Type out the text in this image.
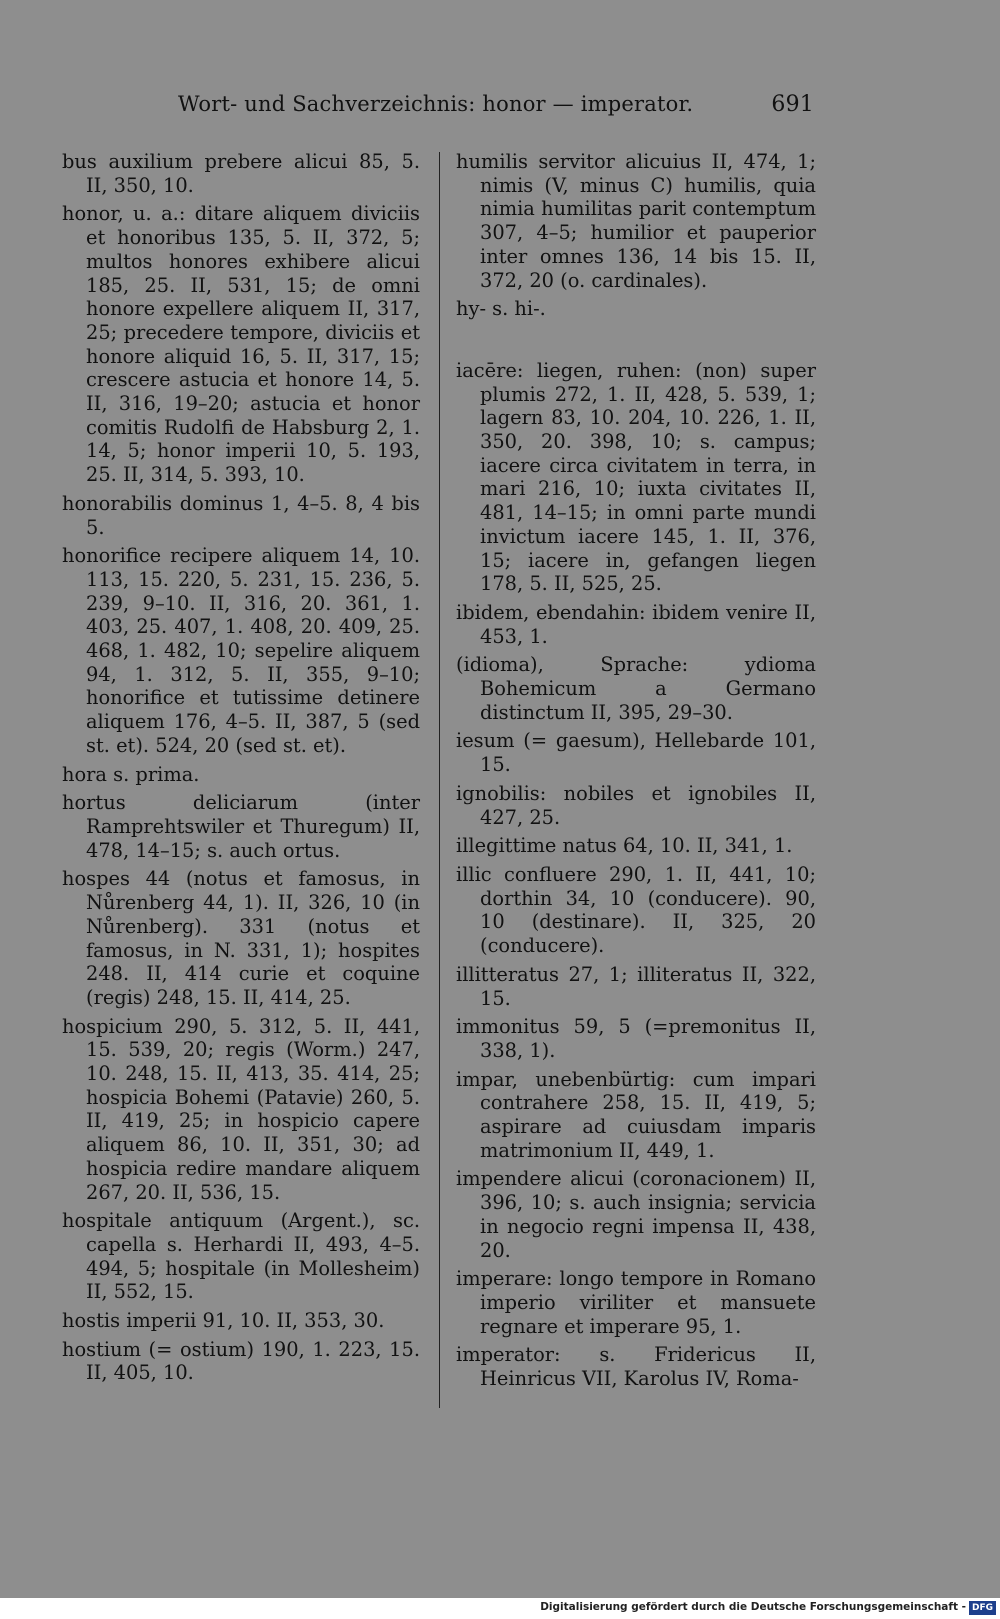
Wort- und Sachverzeichnis: honor — imperator.	691

bus auxilium prebere alicui 85, 5. II, 350, 10.

honor, u. a.: ditare aliquem diviciis et honoribus 135, 5. II, 372, 5; multos honores exhibere alicui 185, 25. II, 531, 15; de omni honore expellere aliquem II, 317, 25; precedere tempore, diviciis et honore aliquid 16, 5. II, 317, 15; crescere astucia et honore 14, 5. II, 316, 19–20; astucia et honor comitis Rudolfi de Habsburg 2, 1. 14, 5; honor imperii 10, 5. 193, 25. II, 314, 5. 393, 10.

honorabilis dominus 1, 4–5. 8, 4 bis 5.

honorifice recipere aliquem 14, 10. 113, 15. 220, 5. 231, 15. 236, 5. 239, 9–10. II, 316, 20. 361, 1. 403, 25. 407, 1. 408, 20. 409, 25. 468, 1. 482, 10; sepelire aliquem 94, 1. 312, 5. II, 355, 9–10; honorifice et tutissime detinere aliquem 176, 4–5. II, 387, 5 (sed st. et). 524, 20 (sed st. et).

hora s. prima.

hortus deliciarum (inter Ramprehtswiler et Thuregum) II, 478, 14–15; s. auch ortus.

hospes 44 (notus et famosus, in Nůrenberg 44, 1). II, 326, 10 (in Nůrenberg). 331 (notus et famosus, in N. 331, 1); hospites 248. II, 414 curie et coquine (regis) 248, 15. II, 414, 25.

hospicium 290, 5. 312, 5. II, 441, 15. 539, 20; regis (Worm.) 247, 10. 248, 15. II, 413, 35. 414, 25; hospicia Bohemi (Patavie) 260, 5. II, 419, 25; in hospicio capere aliquem 86, 10. II, 351, 30; ad hospicia redire mandare aliquem 267, 20. II, 536, 15.

hospitale antiquum (Argent.), sc. capella s. Herhardi II, 493, 4–5. 494, 5; hospitale (in Mollesheim) II, 552, 15.

hostis imperii 91, 10. II, 353, 30.

hostium (= ostium) 190, 1. 223, 15. II, 405, 10.

humilis servitor alicuius II, 474, 1; nimis (V, minus C) humilis, quia nimia humilitas parit contemptum 307, 4–5; humilior et pauperior inter omnes 136, 14 bis 15. II, 372, 20 (o. cardinales).

hy- s. hi-.

iacēre: liegen, ruhen: (non) super plumis 272, 1. II, 428, 5. 539, 1; lagern 83, 10. 204, 10. 226, 1. II, 350, 20. 398, 10; s. campus; iacere circa civitatem in terra, in mari 216, 10; iuxta civitates II, 481, 14–15; in omni parte mundi invictum iacere 145, 1. II, 376, 15; iacere in, gefangen liegen 178, 5. II, 525, 25.

ibidem, ebendahin: ibidem venire II, 453, 1.

(idioma), Sprache: ydioma Bohemicum a Germano distinctum II, 395, 29–30.

iesum (= gaesum), Hellebarde 101, 15.

ignobilis: nobiles et ignobiles II, 427, 25.

illegittime natus 64, 10. II, 341, 1.

illic confluere 290, 1. II, 441, 10; dorthin 34, 10 (conducere). 90, 10 (destinare). II, 325, 20 (conducere).

illitteratus 27, 1; illiteratus II, 322, 15.

immonitus 59, 5 (=premonitus II, 338, 1).

impar, unebenbürtig: cum impari contrahere 258, 15. II, 419, 5; aspirare ad cuiusdam imparis matrimonium II, 449, 1.

impendere alicui (coronacionem) II, 396, 10; s. auch insignia; servicia in negocio regni impensa II, 438, 20.

imperare: longo tempore in Romano imperio viriliter et mansuete regnare et imperare 95, 1.

imperator: s. Fridericus II, Heinricus VII, Karolus IV, Roma-

Digitalisierung gefördert durch die Deutsche Forschungsgemeinschaft - DFG
